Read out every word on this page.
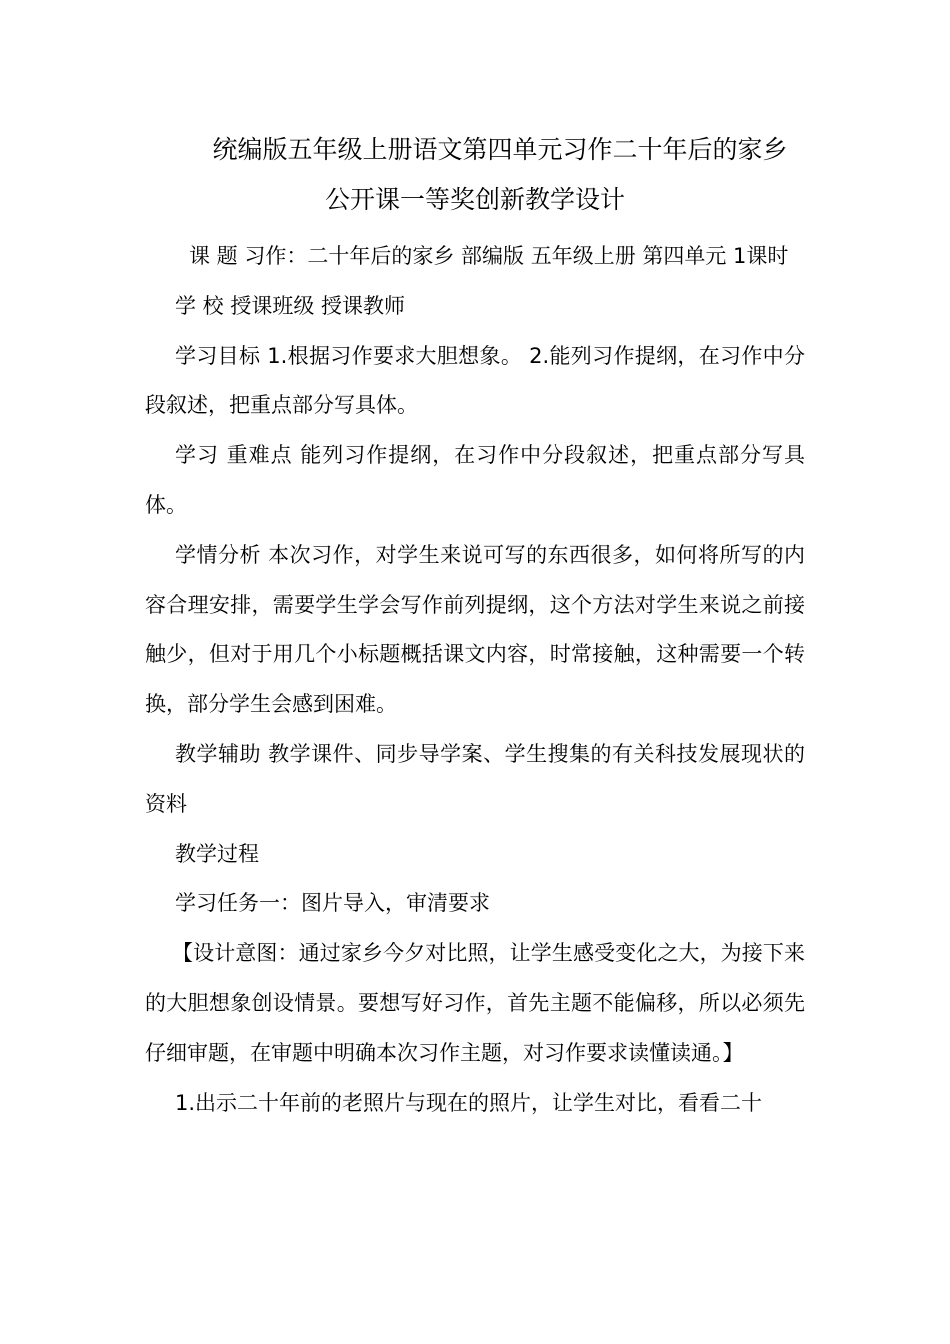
统编版五年级上册语文第四单元习作二十年后的家乡
公开课一等奖创新教学设计

课 题 习作：二十年后的家乡 部编版 五年级上册 第四单元 1课时

学 校 授课班级 授课教师

学习目标 1.根据习作要求大胆想象。 2.能列习作提纲，在习作中分段叙述，把重点部分写具体。

学习 重难点 能列习作提纲，在习作中分段叙述，把重点部分写具体。

学情分析 本次习作，对学生来说可写的东西很多，如何将所写的内容合理安排，需要学生学会写作前列提纲，这个方法对学生来说之前接触少，但对于用几个小标题概括课文内容，时常接触，这种需要一个转换，部分学生会感到困难。

教学辅助 教学课件、同步导学案、学生搜集的有关科技发展现状的资料

教学过程

学习任务一：图片导入，审清要求

【设计意图：通过家乡今夕对比照，让学生感受变化之大，为接下来的大胆想象创设情景。要想写好习作，首先主题不能偏移，所以必须先仔细审题，在审题中明确本次习作主题，对习作要求读懂读通。】

1.出示二十年前的老照片与现在的照片，让学生对比，看看二十
